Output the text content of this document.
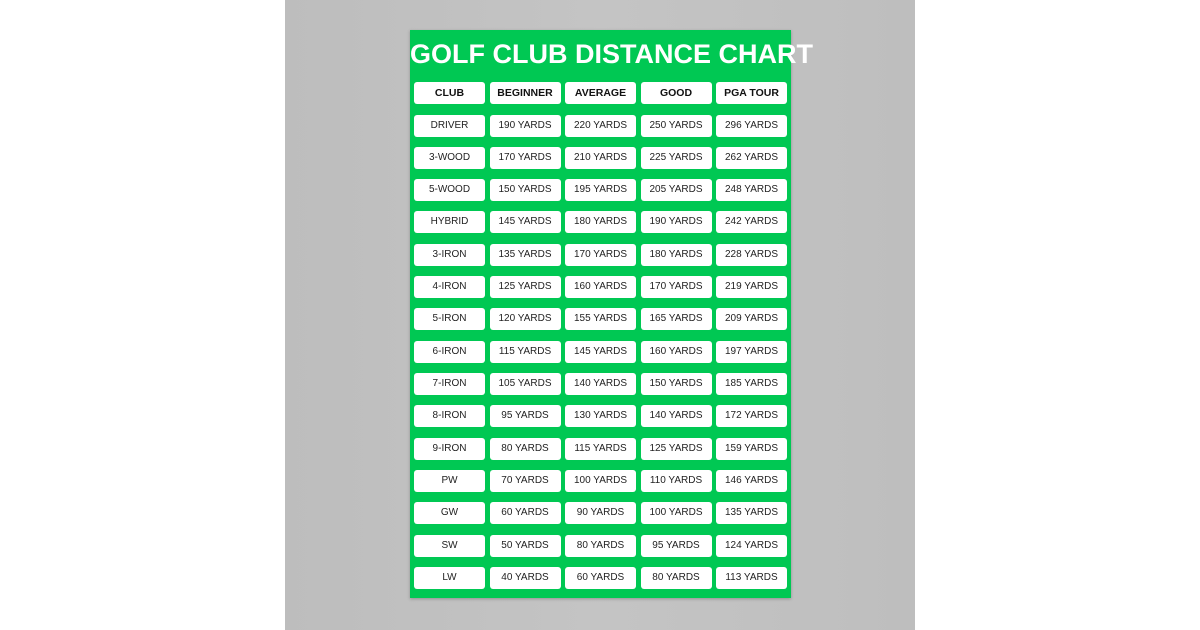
GOLF CLUB DISTANCE CHART
CLUB	BEGINNER	AVERAGE	GOOD	PGA TOUR
DRIVER	190 YARDS	220 YARDS	250 YARDS	296 YARDS
3-WOOD	170 YARDS	210 YARDS	225 YARDS	262 YARDS
5-WOOD	150 YARDS	195 YARDS	205 YARDS	248 YARDS
HYBRID	145 YARDS	180 YARDS	190 YARDS	242 YARDS
3-IRON	135 YARDS	170 YARDS	180 YARDS	228 YARDS
4-IRON	125 YARDS	160 YARDS	170 YARDS	219 YARDS
5-IRON	120 YARDS	155 YARDS	165 YARDS	209 YARDS
6-IRON	115 YARDS	145 YARDS	160 YARDS	197 YARDS
7-IRON	105 YARDS	140 YARDS	150 YARDS	185 YARDS
8-IRON	95 YARDS	130 YARDS	140 YARDS	172 YARDS
9-IRON	80 YARDS	115 YARDS	125 YARDS	159 YARDS
PW	70 YARDS	100 YARDS	110 YARDS	146 YARDS
GW	60 YARDS	90 YARDS	100 YARDS	135 YARDS
SW	50 YARDS	80 YARDS	95 YARDS	124 YARDS
LW	40 YARDS	60 YARDS	80 YARDS	113 YARDS
